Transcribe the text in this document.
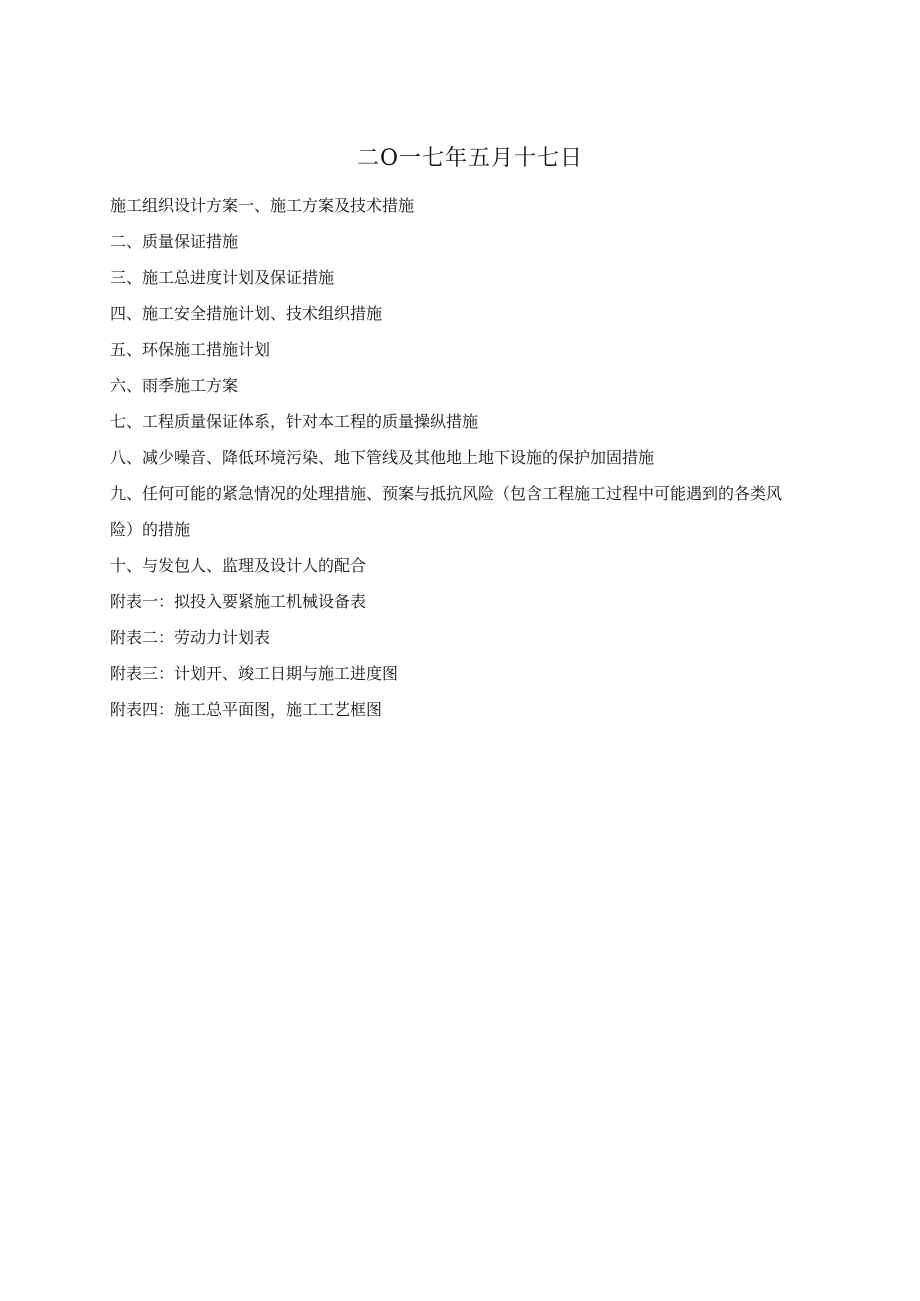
二O一七年五月十七日
施工组织设计方案一、施工方案及技术措施
二、质量保证措施
三、施工总进度计划及保证措施
四、施工安全措施计划、技术组织措施
五、环保施工措施计划
六、雨季施工方案
七、工程质量保证体系，针对本工程的质量操纵措施
八、减少噪音、降低环境污染、地下管线及其他地上地下设施的保护加固措施
九、任何可能的紧急情况的处理措施、预案与抵抗风险（包含工程施工过程中可能遇到的各类风
险）的措施
十、与发包人、监理及设计人的配合
附表一：拟投入要紧施工机械设备表
附表二：劳动力计划表
附表三：计划开、竣工日期与施工进度图
附表四：施工总平面图，施工工艺框图
